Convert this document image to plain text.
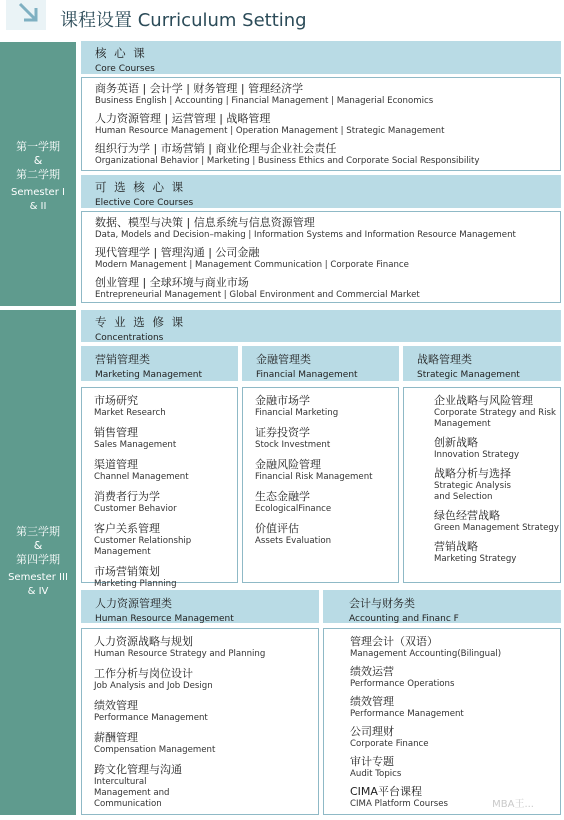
课程设置 Curriculum Setting
第一学期
&
第二学期
Semester I
& II
核 心 课
Core Courses
商务英语 | 会计学 | 财务管理 | 管理经济学
Business English | Accounting | Financial Management | Managerial Economics
人力资源管理 | 运营管理 | 战略管理
Human Resource Management | Operation Management | Strategic Management
组织行为学 | 市场营销 | 商业伦理与企业社会责任
Organizational Behavior | Marketing | Business Ethics and Corporate Social Responsibility
可 选 核 心 课
Elective Core Courses
数据、模型与决策 | 信息系统与信息资源管理
Data, Models and Decision–making | Information Systems and Information Resource Management
现代管理学 | 管理沟通 | 公司金融
Modern Management | Management Communication | Corporate Finance
创业管理 | 全球环境与商业市场
Entrepreneurial Management | Global Environment and Commercial Market
第三学期
&
第四学期
Semester III
& IV
专 业 选 修 课
Concentrations
营销管理类
Marketing Management
金融管理类
Financial Management
战略管理类
Strategic Management
市场研究
Market Research
销售管理
Sales Management
渠道管理
Channel Management
消费者行为学
Customer Behavior
客户关系管理
Customer Relationship Management
市场营销策划
Marketing Planning
金融市场学
Financial Marketing
证券投资学
Stock Investment
金融风险管理
Financial Risk Management
生态金融学
EcologicalFinance
价值评估
Assets Evaluation
企业战略与风险管理
Corporate Strategy and Risk Management
创新战略
Innovation Strategy
战略分析与选择
Strategic Analysis and Selection
绿色经营战略
Green Management Strategy
营销战略
Marketing Strategy
人力资源管理类
Human Resource Management
人力资源战略与规划
Human Resource Strategy and Planning
工作分析与岗位设计
Job Analysis and Job Design
绩效管理
Performance Management
薪酬管理
Compensation Management
跨文化管理与沟通
Intercultural Management and Communication
会计与财务类
Accounting and Financ F
管理会计（双语）
Management Accounting(Bilingual)
绩效运营
Performance Operations
绩效管理
Performance Management
公司理财
Corporate Finance
审计专题
Audit Topics
CIMA平台课程
CIMA Platform Courses	MBA王...
